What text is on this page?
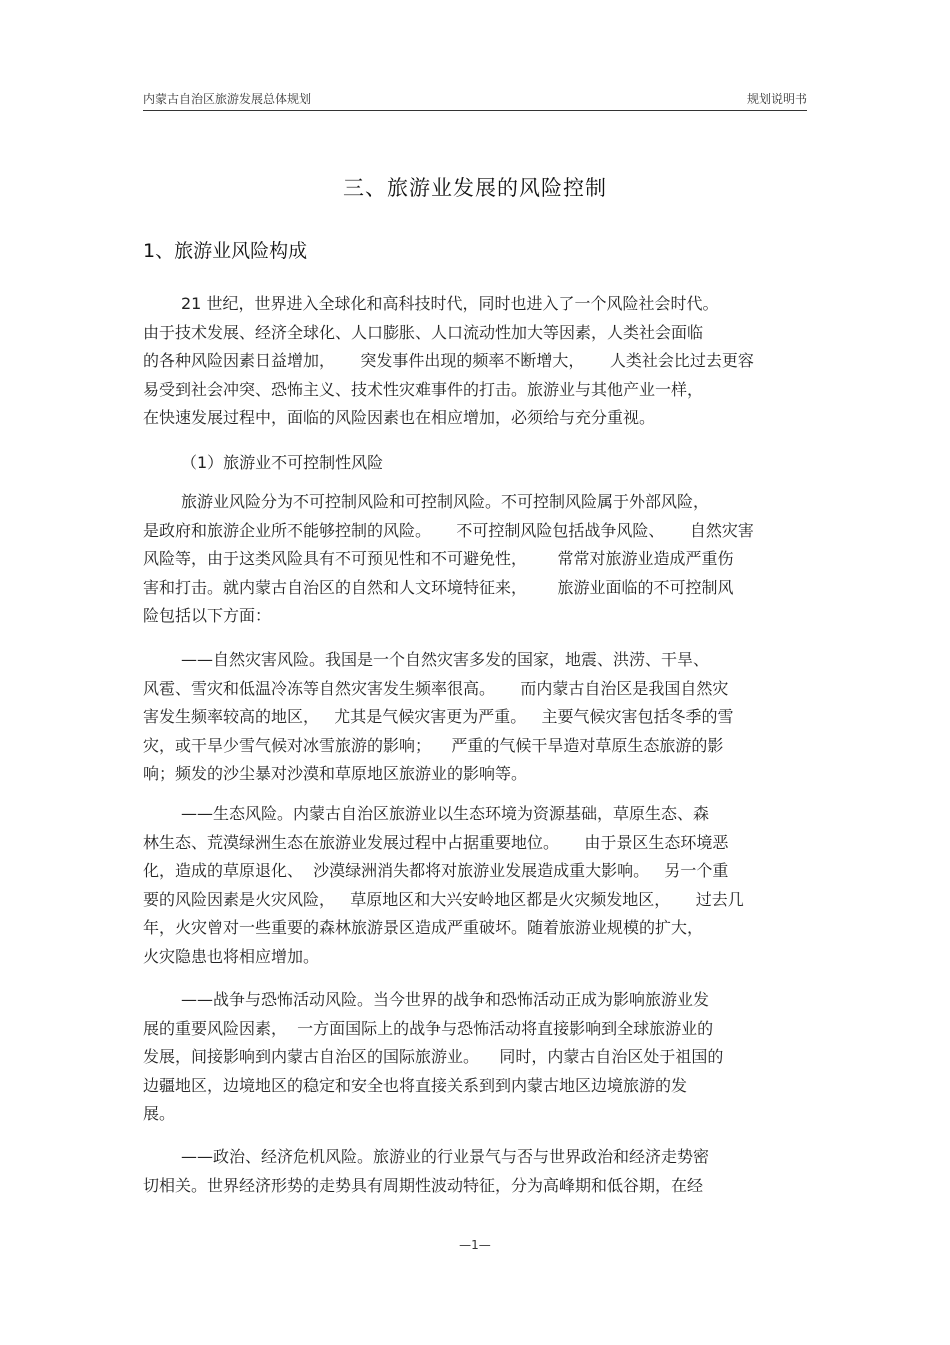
内蒙古自治区旅游发展总体规划	规划说明书
三、旅游业发展的风险控制
1、旅游业风险构成
21 世纪，世界进入全球化和高科技时代，同时也进入了一个风险社会时代。
由于技术发展、经济全球化、人口膨胀、人口流动性加大等因素，人类社会面临
的各种风险因素日益增加，     突发事件出现的频率不断增大，     人类社会比过去更容
易受到社会冲突、恐怖主义、技术性灾难事件的打击。旅游业与其他产业一样，
在快速发展过程中，面临的风险因素也在相应增加，必须给与充分重视。
（1）旅游业不可控制性风险
旅游业风险分为不可控制风险和可控制风险。不可控制风险属于外部风险，
是政府和旅游企业所不能够控制的风险。     不可控制风险包括战争风险、     自然灾害
风险等，由于这类风险具有不可预见性和不可避免性，      常常对旅游业造成严重伤
害和打击。就内蒙古自治区的自然和人文环境特征来，      旅游业面临的不可控制风
险包括以下方面：
——自然灾害风险。我国是一个自然灾害多发的国家，地震、洪涝、干旱、
风雹、雪灾和低温冷冻等自然灾害发生频率很高。     而内蒙古自治区是我国自然灾
害发生频率较高的地区，   尤其是气候灾害更为严重。   主要气候灾害包括冬季的雪
灾，或干旱少雪气候对冰雪旅游的影响；    严重的气候干旱造对草原生态旅游的影
响；频发的沙尘暴对沙漠和草原地区旅游业的影响等。
——生态风险。内蒙古自治区旅游业以生态环境为资源基础，草原生态、森
林生态、荒漠绿洲生态在旅游业发展过程中占据重要地位。     由于景区生态环境恶
化，造成的草原退化、  沙漠绿洲消失都将对旅游业发展造成重大影响。   另一个重
要的风险因素是火灾风险，   草原地区和大兴安岭地区都是火灾频发地区，     过去几
年，火灾曾对一些重要的森林旅游景区造成严重破坏。随着旅游业规模的扩大，
火灾隐患也将相应增加。
——战争与恐怖活动风险。当今世界的战争和恐怖活动正成为影响旅游业发
展的重要风险因素，  一方面国际上的战争与恐怖活动将直接影响到全球旅游业的
发展，间接影响到内蒙古自治区的国际旅游业。    同时，内蒙古自治区处于祖国的
边疆地区，边境地区的稳定和安全也将直接关系到到内蒙古地区边境旅游的发
展。
——政治、经济危机风险。旅游业的行业景气与否与世界政治和经济走势密
切相关。世界经济形势的走势具有周期性波动特征，分为高峰期和低谷期，在经
—1—
